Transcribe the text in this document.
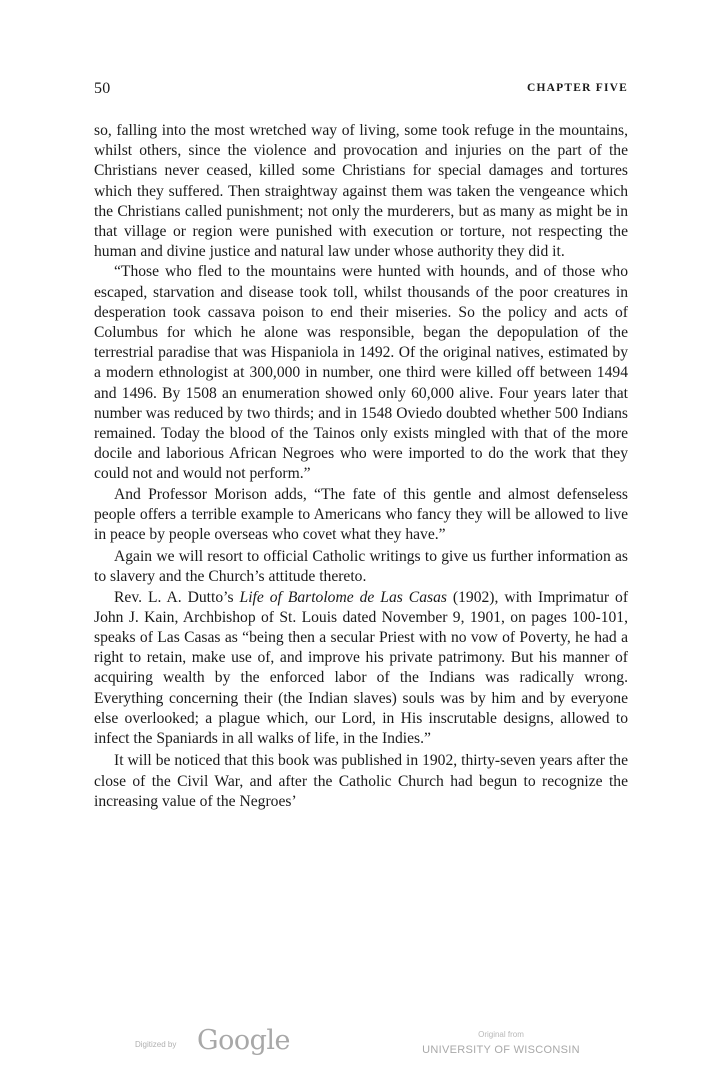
50	CHAPTER FIVE

so, falling into the most wretched way of living, some took refuge in the mountains, whilst others, since the violence and provocation and injuries on the part of the Christians never ceased, killed some Christians for special damages and tortures which they suffered. Then straightway against them was taken the vengeance which the Christians called punishment; not only the murderers, but as many as might be in that village or region were punished with execution or torture, not respecting the human and divine justice and natural law under whose authority they did it.

“Those who fled to the mountains were hunted with hounds, and of those who escaped, starvation and disease took toll, whilst thousands of the poor creatures in desperation took cassava poison to end their miseries. So the policy and acts of Columbus for which he alone was responsible, began the depopulation of the terrestrial paradise that was Hispaniola in 1492. Of the original natives, estimated by a modern ethnologist at 300,000 in number, one third were killed off between 1494 and 1496. By 1508 an enumeration showed only 60,000 alive. Four years later that number was reduced by two thirds; and in 1548 Oviedo doubted whether 500 Indians remained. Today the blood of the Tainos only exists mingled with that of the more docile and laborious African Negroes who were imported to do the work that they could not and would not perform.”

And Professor Morison adds, “The fate of this gentle and almost defenseless people offers a terrible example to Americans who fancy they will be allowed to live in peace by people overseas who covet what they have.”

Again we will resort to official Catholic writings to give us further information as to slavery and the Church’s attitude thereto.

Rev. L. A. Dutto’s Life of Bartolome de Las Casas (1902), with Imprimatur of John J. Kain, Archbishop of St. Louis dated November 9, 1901, on pages 100-101, speaks of Las Casas as “being then a secular Priest with no vow of Poverty, he had a right to retain, make use of, and improve his private patrimony. But his manner of acquiring wealth by the enforced labor of the Indians was radically wrong. Everything concerning their (the Indian slaves) souls was by him and by everyone else overlooked; a plague which, our Lord, in His inscrutable designs, allowed to infect the Spaniards in all walks of life, in the Indies.”

It will be noticed that this book was published in 1902, thirty-seven years after the close of the Civil War, and after the Catholic Church had begun to recognize the increasing value of the Negroes’

Digitized by Google	Original from
UNIVERSITY OF WISCONSIN
